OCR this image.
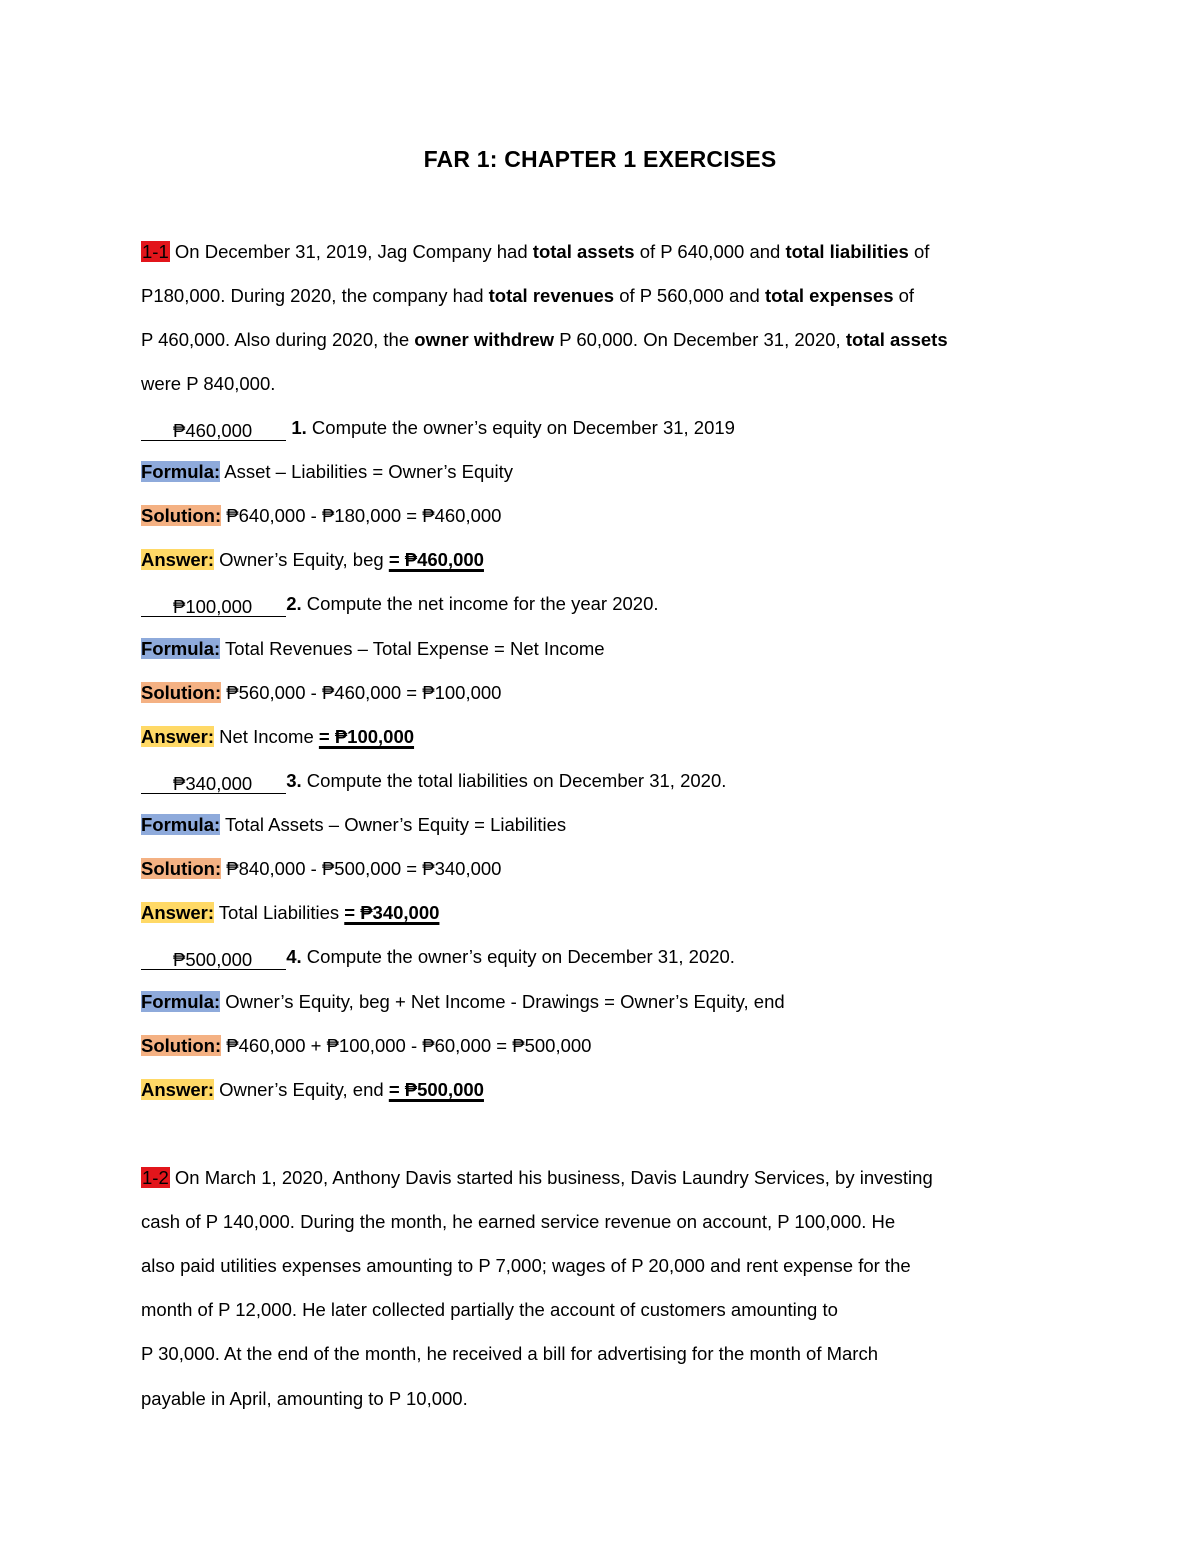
FAR 1: CHAPTER 1 EXERCISES
1-1 On December 31, 2019, Jag Company had total assets of P 640,000 and total liabilities of
P180,000. During 2020, the company had total revenues of P 560,000 and total expenses of
P 460,000. Also during 2020, the owner withdrew P 60,000. On December 31, 2020, total assets
were P 840,000.
₱460,000 1. Compute the owner’s equity on December 31, 2019
Formula: Asset – Liabilities = Owner’s Equity
Solution: ₱640,000 - ₱180,000 = ₱460,000
Answer: Owner’s Equity, beg = ₱460,000
₱100,000 2. Compute the net income for the year 2020.
Formula: Total Revenues – Total Expense = Net Income
Solution: ₱560,000 - ₱460,000 = ₱100,000
Answer: Net Income = ₱100,000
₱340,000 3. Compute the total liabilities on December 31, 2020.
Formula: Total Assets – Owner’s Equity = Liabilities
Solution: ₱840,000 - ₱500,000 = ₱340,000
Answer: Total Liabilities = ₱340,000
₱500,000 4. Compute the owner’s equity on December 31, 2020.
Formula: Owner’s Equity, beg + Net Income - Drawings = Owner’s Equity, end
Solution: ₱460,000 + ₱100,000 - ₱60,000 = ₱500,000
Answer: Owner’s Equity, end = ₱500,000
1-2 On March 1, 2020, Anthony Davis started his business, Davis Laundry Services, by investing
cash of P 140,000. During the month, he earned service revenue on account, P 100,000. He
also paid utilities expenses amounting to P 7,000; wages of P 20,000 and rent expense for the
month of P 12,000. He later collected partially the account of customers amounting to
P 30,000. At the end of the month, he received a bill for advertising for the month of March
payable in April, amounting to P 10,000.
